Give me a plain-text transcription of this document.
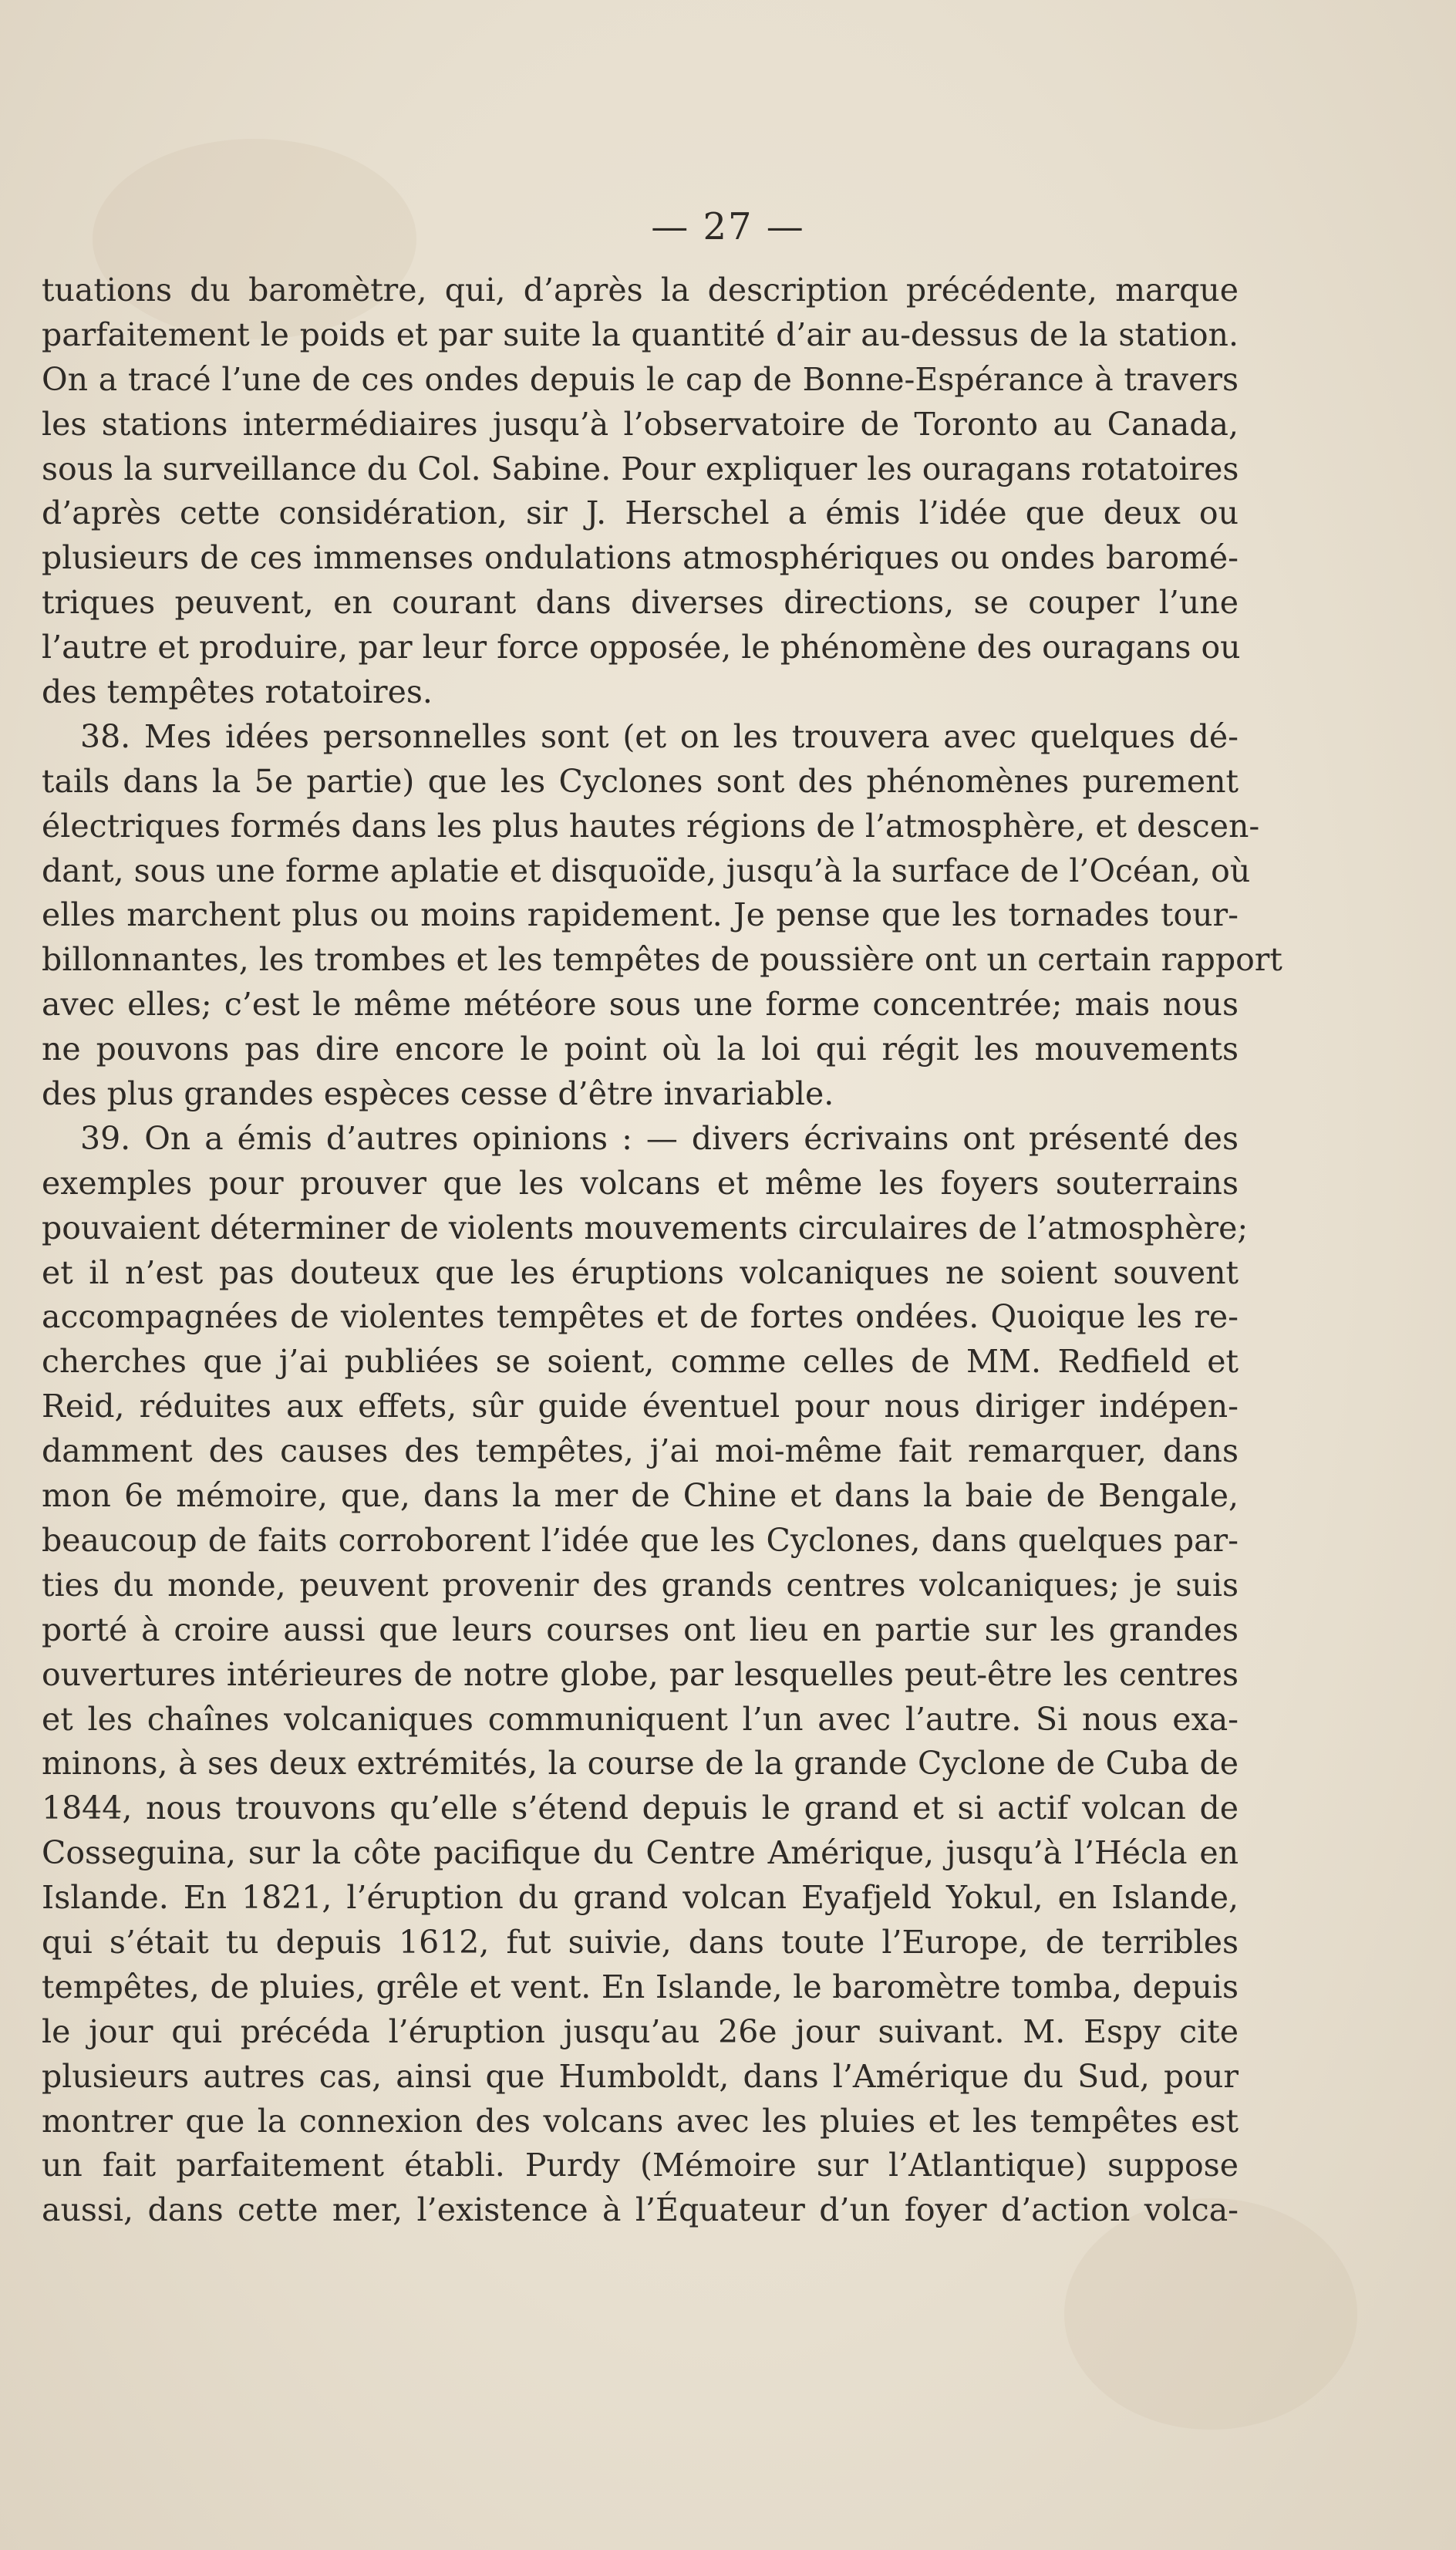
— 27 —
tuations du baromètre, qui, d’après la description précédente, marque
parfaitement le poids et par suite la quantité d’air au-dessus de la station.
On a tracé l’une de ces ondes depuis le cap de Bonne-Espérance à travers
les stations intermédiaires jusqu’à l’observatoire de Toronto au Canada,
sous la surveillance du Col. Sabine. Pour expliquer les ouragans rotatoires
d’après cette considération, sir J. Herschel a émis l’idée que deux ou
plusieurs de ces immenses ondulations atmosphériques ou ondes baromé-
triques peuvent, en courant dans diverses directions, se couper l’une
l’autre et produire, par leur force opposée, le phénomène des ouragans ou
des tempêtes rotatoires.
38. Mes idées personnelles sont (et on les trouvera avec quelques dé-
tails dans la 5e partie) que les Cyclones sont des phénomènes purement
électriques formés dans les plus hautes régions de l’atmosphère, et descen-
dant, sous une forme aplatie et disquoïde, jusqu’à la surface de l’Océan, où
elles marchent plus ou moins rapidement. Je pense que les tornades tour-
billonnantes, les trombes et les tempêtes de poussière ont un certain rapport
avec elles; c’est le même météore sous une forme concentrée; mais nous
ne pouvons pas dire encore le point où la loi qui régit les mouvements
des plus grandes espèces cesse d’être invariable.
39. On a émis d’autres opinions : — divers écrivains ont présenté des
exemples pour prouver que les volcans et même les foyers souterrains
pouvaient déterminer de violents mouvements circulaires de l’atmosphère;
et il n’est pas douteux que les éruptions volcaniques ne soient souvent
accompagnées de violentes tempêtes et de fortes ondées. Quoique les re-
cherches que j’ai publiées se soient, comme celles de MM. Redfield et
Reid, réduites aux effets, sûr guide éventuel pour nous diriger indépen-
damment des causes des tempêtes, j’ai moi-même fait remarquer, dans
mon 6e mémoire, que, dans la mer de Chine et dans la baie de Bengale,
beaucoup de faits corroborent l’idée que les Cyclones, dans quelques par-
ties du monde, peuvent provenir des grands centres volcaniques; je suis
porté à croire aussi que leurs courses ont lieu en partie sur les grandes
ouvertures intérieures de notre globe, par lesquelles peut-être les centres
et les chaînes volcaniques communiquent l’un avec l’autre. Si nous exa-
minons, à ses deux extrémités, la course de la grande Cyclone de Cuba de
1844, nous trouvons qu’elle s’étend depuis le grand et si actif volcan de
Cosseguina, sur la côte pacifique du Centre Amérique, jusqu’à l’Hécla en
Islande. En 1821, l’éruption du grand volcan Eyafjeld Yokul, en Islande,
qui s’était tu depuis 1612, fut suivie, dans toute l’Europe, de terribles
tempêtes, de pluies, grêle et vent. En Islande, le baromètre tomba, depuis
le jour qui précéda l’éruption jusqu’au 26e jour suivant. M. Espy cite
plusieurs autres cas, ainsi que Humboldt, dans l’Amérique du Sud, pour
montrer que la connexion des volcans avec les pluies et les tempêtes est
un fait parfaitement établi. Purdy (Mémoire sur l’Atlantique) suppose
aussi, dans cette mer, l’existence à l’Équateur d’un foyer d’action volca-
